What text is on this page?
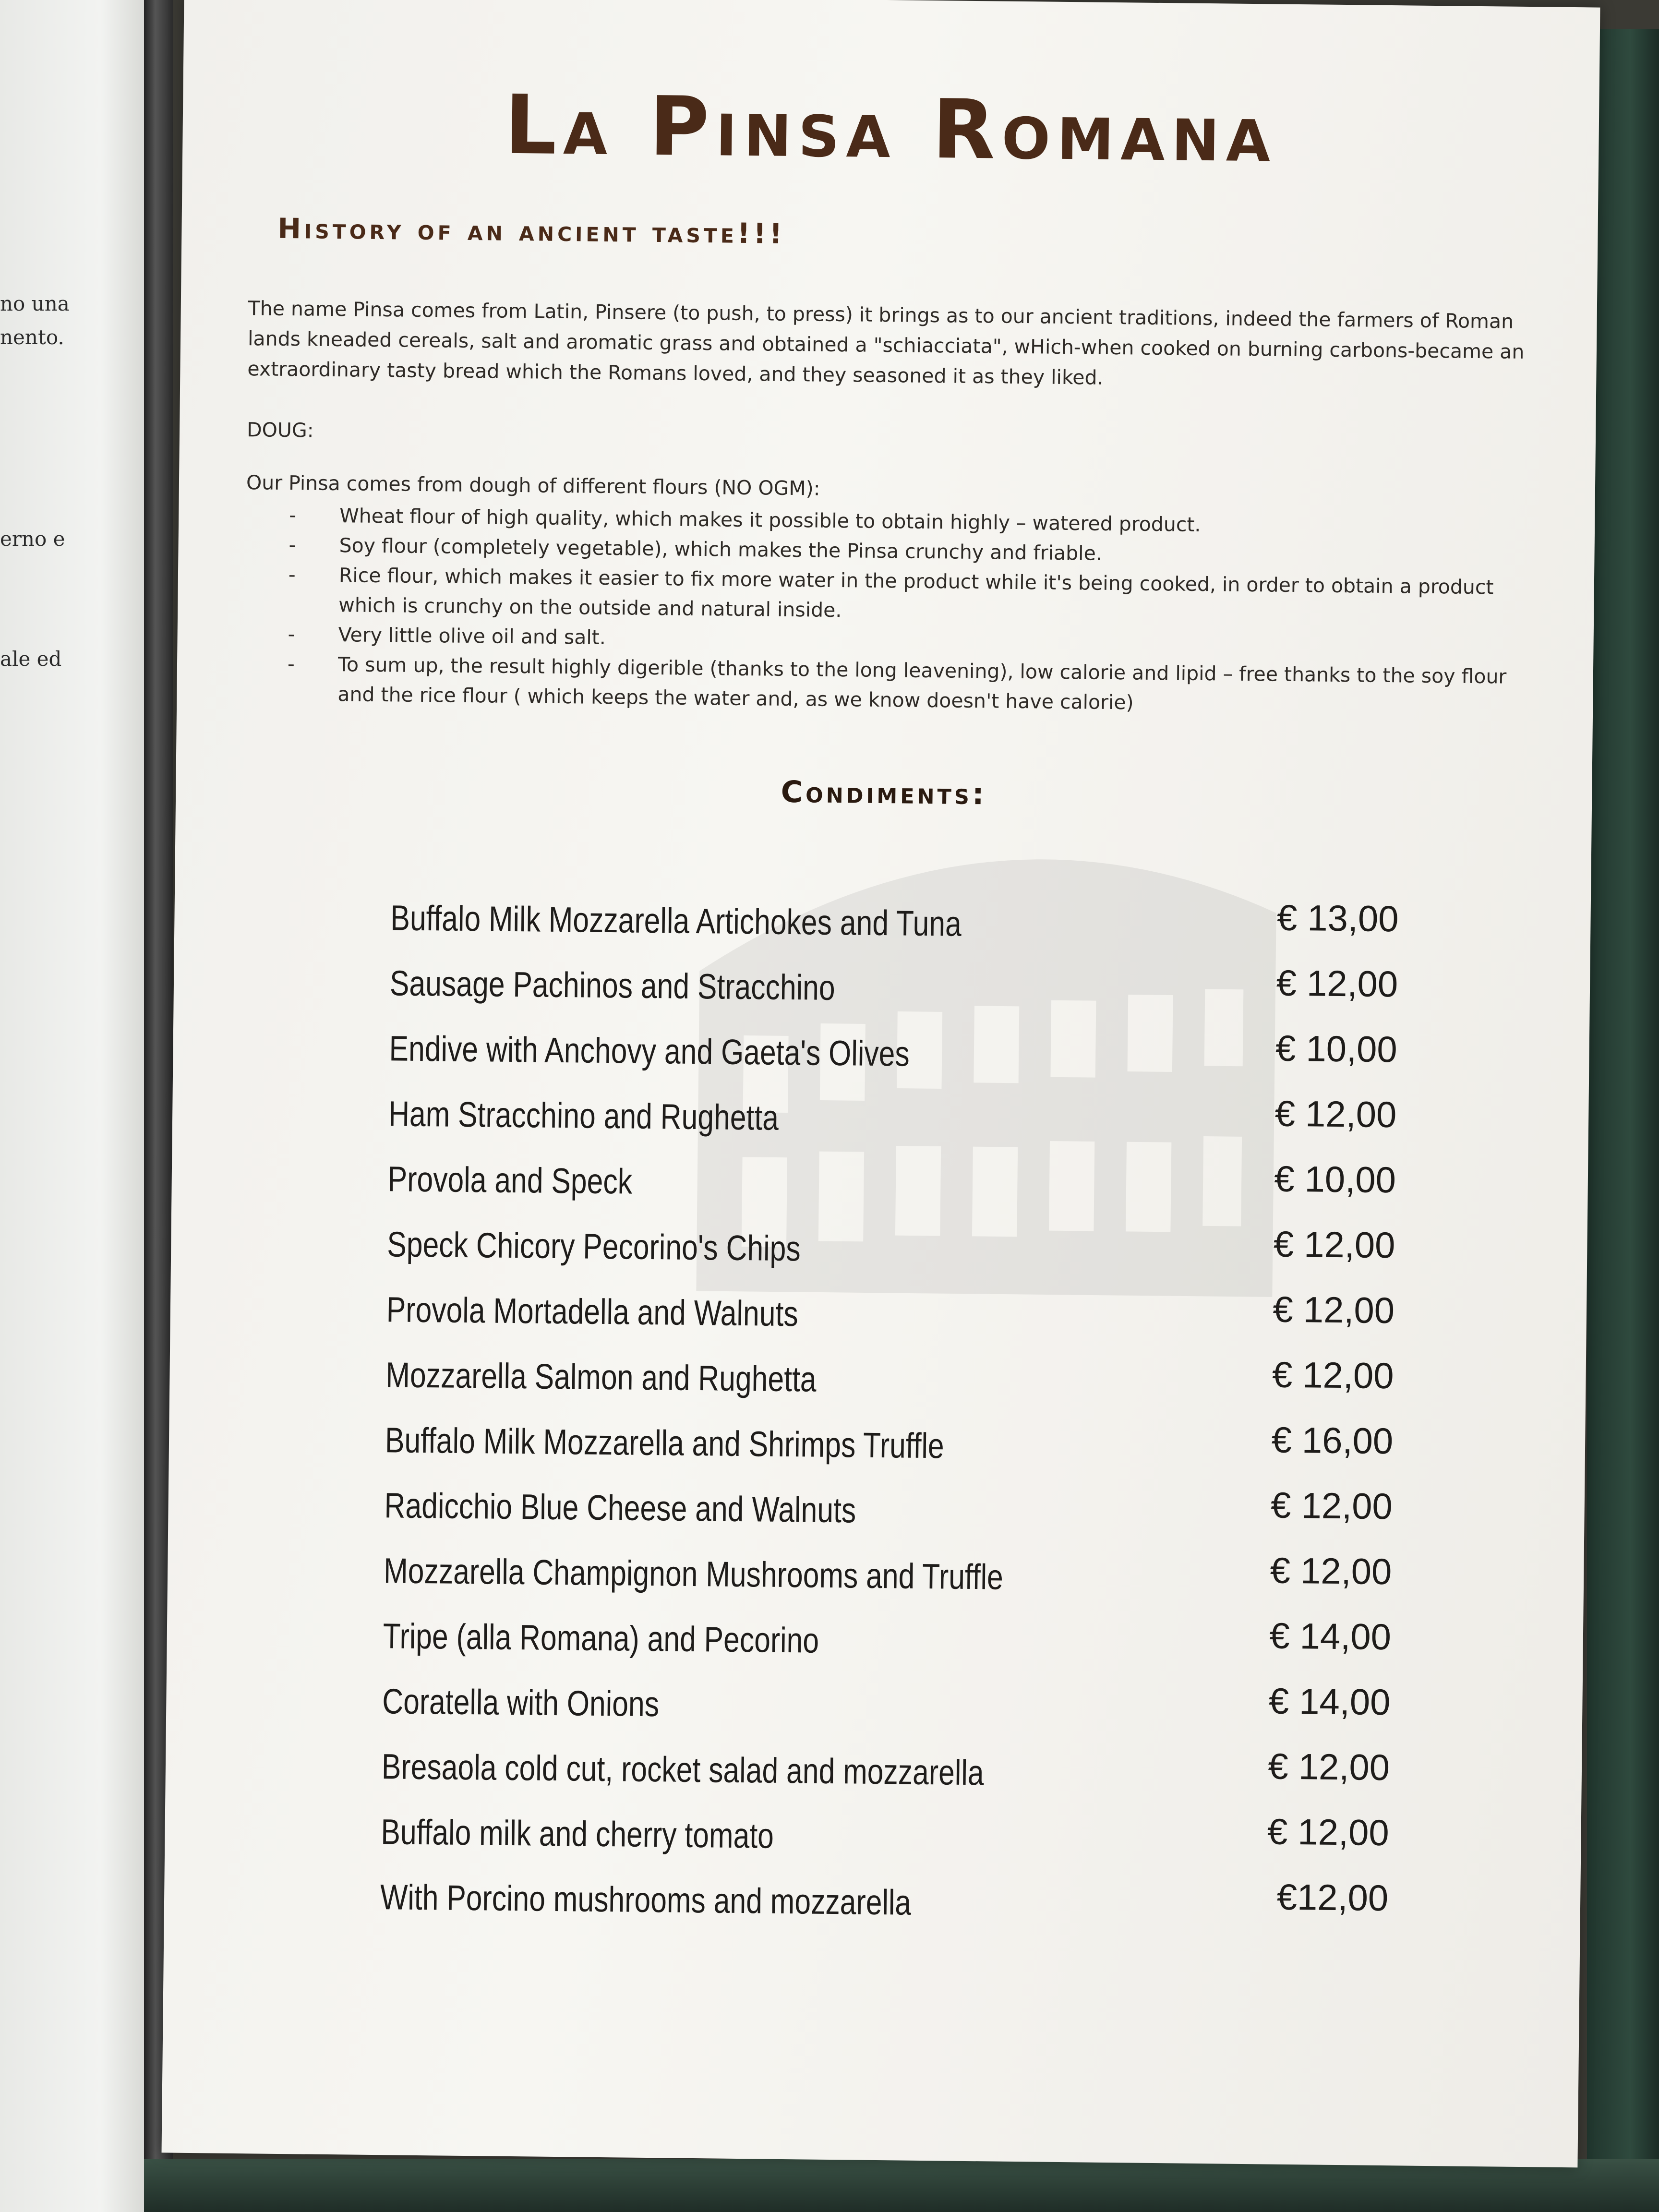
no una
nento.
erno e
ale ed
La Pinsa Romana
History of an ancient taste!!!
The name Pinsa comes from Latin, Pinsere (to push, to press) it brings as to our ancient traditions, indeed the farmers of Roman lands kneaded cereals, salt and aromatic grass and obtained a "schiacciata", wHich-when cooked on burning carbons-became an extraordinary tasty bread which the Romans loved, and they seasoned it as they liked.
DOUG:
Our Pinsa comes from dough of different flours (NO OGM):
- Wheat flour of high quality, which makes it possible to obtain highly – watered product.
- Soy flour (completely vegetable), which makes the Pinsa crunchy and friable.
- Rice flour, which makes it easier to fix more water in the product while it's being cooked, in order to obtain a product which is crunchy on the outside and natural inside.
- Very little olive oil and salt.
- To sum up, the result highly digerible (thanks to the long leavening), low calorie and lipid – free thanks to the soy flour and the rice flour ( which keeps the water and, as we know doesn't have calorie)
Condiments:
Buffalo Milk Mozzarella Artichokes and Tuna	€ 13,00
Sausage Pachinos and Stracchino	€ 12,00
Endive with Anchovy and Gaeta's Olives	€ 10,00
Ham Stracchino and Rughetta	€ 12,00
Provola and Speck	€ 10,00
Speck Chicory Pecorino's Chips	€ 12,00
Provola Mortadella and Walnuts	€ 12,00
Mozzarella Salmon and Rughetta	€ 12,00
Buffalo Milk Mozzarella and Shrimps Truffle	€ 16,00
Radicchio Blue Cheese and Walnuts	€ 12,00
Mozzarella Champignon Mushrooms and Truffle	€ 12,00
Tripe (alla Romana) and Pecorino	€ 14,00
Coratella with Onions	€ 14,00
Bresaola cold cut, rocket salad and mozzarella	€ 12,00
Buffalo milk and cherry tomato	€ 12,00
With Porcino mushrooms and mozzarella	€12,00
